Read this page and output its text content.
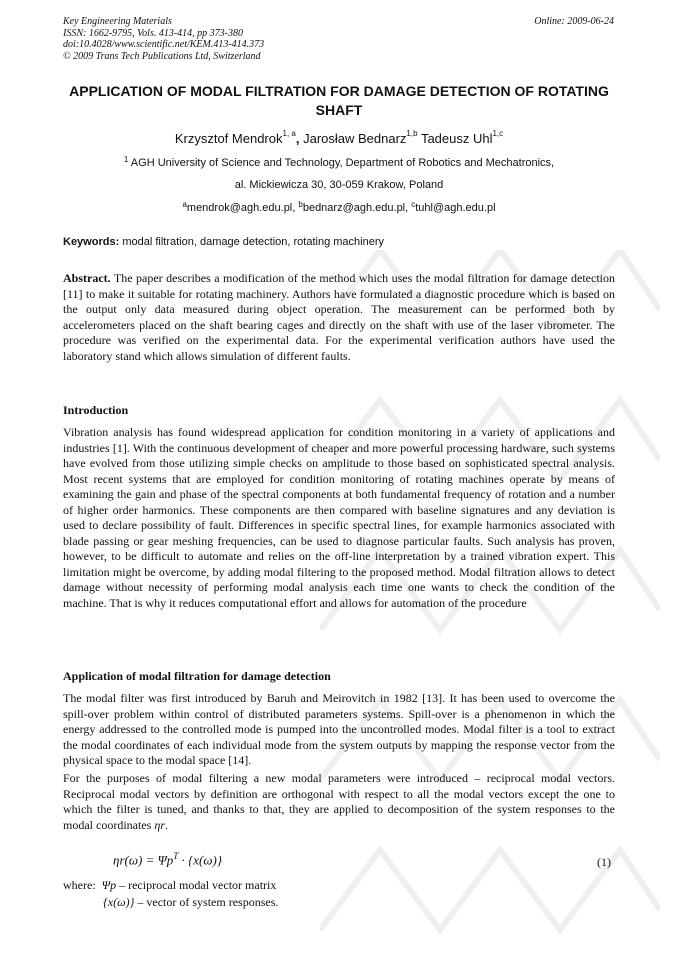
Key Engineering Materials
ISSN: 1662-9795, Vols. 413-414, pp 373-380
doi:10.4028/www.scientific.net/KEM.413-414.373
© 2009 Trans Tech Publications Ltd, Switzerland
Online: 2009-06-24
APPLICATION OF MODAL FILTRATION FOR DAMAGE DETECTION OF ROTATING SHAFT
Krzysztof Mendrok$^{1, a}$, Jarosław Bednarz$^{1,b}$ Tadeusz Uhl$^{1,c}$
$^1$ AGH University of Science and Technology, Department of Robotics and Mechatronics,
al. Mickiewicza 30, 30-059 Krakow, Poland
$^a$mendrok@agh.edu.pl, $^b$bednarz@agh.edu.pl, $^c$tuhl@agh.edu.pl
Keywords: modal filtration, damage detection, rotating machinery

Abstract. The paper describes a modification of the method which uses the modal filtration for damage detection [11] to make it suitable for rotating machinery. Authors have formulated a diagnostic procedure which is based on the output only data measured during object operation. The measurement can be performed both by accelerometers placed on the shaft bearing cages and directly on the shaft with use of the laser vibrometer. The procedure was verified on the experimental data. For the experimental verification authors have used the laboratory stand which allows simulation of different faults.

Introduction
Vibration analysis has found widespread application for condition monitoring in a variety of applications and industries [1]. With the continuous development of cheaper and more powerful processing hardware, such systems have evolved from those utilizing simple checks on amplitude to those based on sophisticated spectral analysis. Most recent systems that are employed for condition monitoring of rotating machines operate by means of examining the gain and phase of the spectral components at both fundamental frequency of rotation and a number of higher order harmonics. These components are then compared with baseline signatures and any deviation is used to declare possibility of fault. Differences in specific spectral lines, for example harmonics associated with blade passing or gear meshing frequencies, can be used to diagnose particular faults. Such analysis has proven, however, to be difficult to automate and relies on the off-line interpretation by a trained vibration expert. This limitation might be overcome, by adding modal filtering to the proposed method. Modal filtration allows to detect damage without necessity of performing modal analysis each time one wants to check the condition of the machine. That is why it reduces computational effort and allows for automation of the procedure
Application of modal filtration for damage detection
The modal filter was first introduced by Baruh and Meirovitch in 1982 [13]. It has been used to overcome the spill-over problem within control of distributed parameters systems. Spill-over is a phenomenon in which the energy addressed to the controlled mode is pumped into the uncontrolled modes. Modal filter is a tool to extract the modal coordinates of each individual mode from the system outputs by mapping the response vector from the physical space to the modal space [14].

For the purposes of modal filtering a new modal parameters were introduced – reciprocal modal vectors. Reciprocal modal vectors by definition are orthogonal with respect to all the modal vectors except the one to which the filter is tuned, and thanks to that, they are applied to decomposition of the system responses to the modal coordinates ηr.

$\eta r(\omega) = \Psi p^T \cdot \{x(\omega)\}$	(1)
where: Ψp – reciprocal modal vector matrix
{x(ω)} – vector of system responses.
